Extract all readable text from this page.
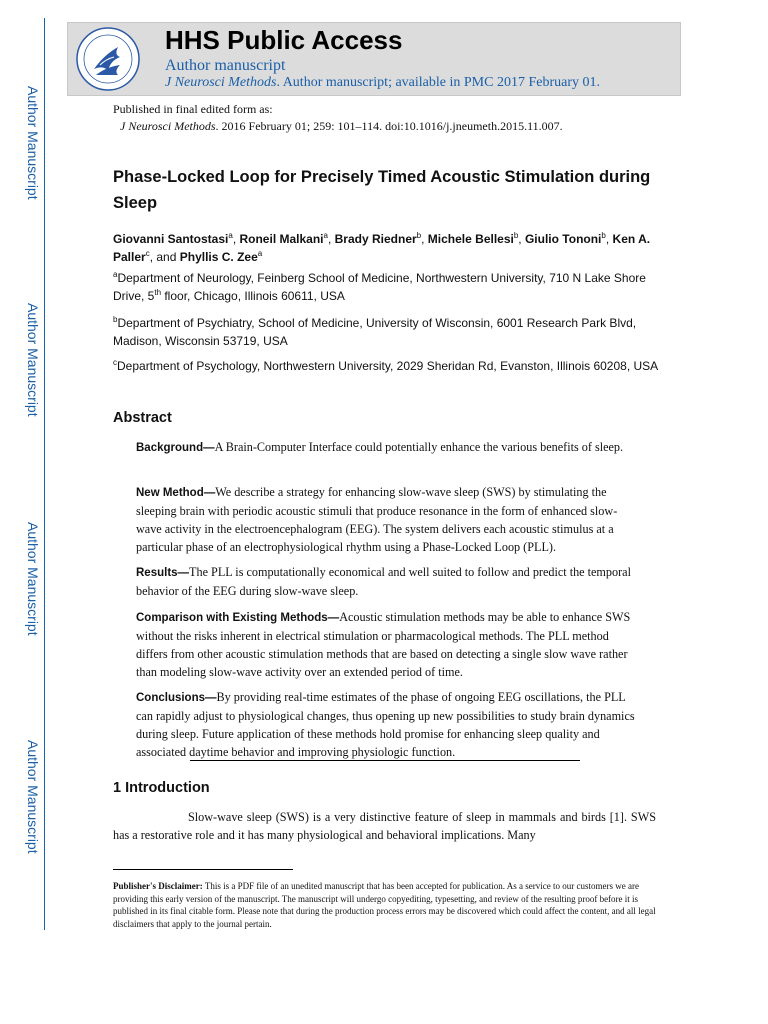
Author Manuscript
Author Manuscript
Author Manuscript
Author Manuscript
HHS Public Access
Author manuscript
J Neurosci Methods. Author manuscript; available in PMC 2017 February 01.
Published in final edited form as:
J Neurosci Methods. 2016 February 01; 259: 101–114. doi:10.1016/j.jneumeth.2015.11.007.
Phase-Locked Loop for Precisely Timed Acoustic Stimulation during Sleep
Giovanni Santostasi$^a$, Roneil Malkani$^a$, Brady Riedner$^b$, Michele Bellesi$^b$, Giulio Tononi$^b$, Ken A. Paller$^c$, and Phyllis C. Zee$^a$
$^a$Department of Neurology, Feinberg School of Medicine, Northwestern University, 710 N Lake Shore Drive, 5th floor, Chicago, Illinois 60611, USA
$^b$Department of Psychiatry, School of Medicine, University of Wisconsin, 6001 Research Park Blvd, Madison, Wisconsin 53719, USA
$^c$Department of Psychology, Northwestern University, 2029 Sheridan Rd, Evanston, Illinois 60208, USA
Abstract
Background—A Brain-Computer Interface could potentially enhance the various benefits of sleep.
New Method—We describe a strategy for enhancing slow-wave sleep (SWS) by stimulating the sleeping brain with periodic acoustic stimuli that produce resonance in the form of enhanced slow-wave activity in the electroencephalogram (EEG). The system delivers each acoustic stimulus at a particular phase of an electrophysiological rhythm using a Phase-Locked Loop (PLL).
Results—The PLL is computationally economical and well suited to follow and predict the temporal behavior of the EEG during slow-wave sleep.
Comparison with Existing Methods—Acoustic stimulation methods may be able to enhance SWS without the risks inherent in electrical stimulation or pharmacological methods. The PLL method differs from other acoustic stimulation methods that are based on detecting a single slow wave rather than modeling slow-wave activity over an extended period of time.
Conclusions—By providing real-time estimates of the phase of ongoing EEG oscillations, the PLL can rapidly adjust to physiological changes, thus opening up new possibilities to study brain dynamics during sleep. Future application of these methods hold promise for enhancing sleep quality and associated daytime behavior and improving physiologic function.
1 Introduction
Slow-wave sleep (SWS) is a very distinctive feature of sleep in mammals and birds [1]. SWS has a restorative role and it has many physiological and behavioral implications. Many
Publisher's Disclaimer: This is a PDF file of an unedited manuscript that has been accepted for publication. As a service to our customers we are providing this early version of the manuscript. The manuscript will undergo copyediting, typesetting, and review of the resulting proof before it is published in its final citable form. Please note that during the production process errors may be discovered which could affect the content, and all legal disclaimers that apply to the journal pertain.
